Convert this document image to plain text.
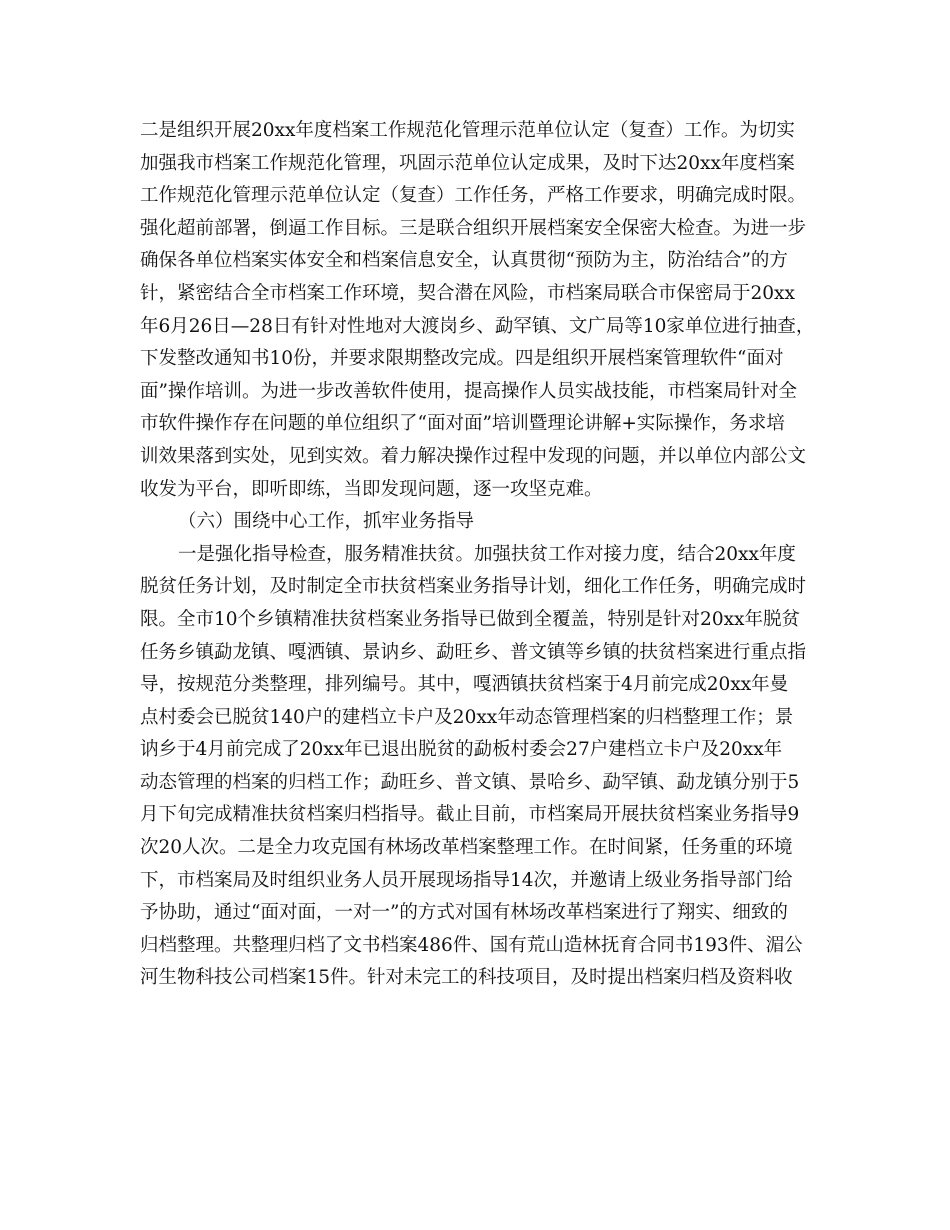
二是组织开展20xx年度档案工作规范化管理示范单位认定（复查）工作。为切实
加强我市档案工作规范化管理，巩固示范单位认定成果，及时下达20xx年度档案
工作规范化管理示范单位认定（复查）工作任务，严格工作要求，明确完成时限。
强化超前部署，倒逼工作目标。三是联合组织开展档案安全保密大检查。为进一步
确保各单位档案实体安全和档案信息安全，认真贯彻“预防为主，防治结合”的方
针，紧密结合全市档案工作环境，契合潜在风险，市档案局联合市保密局于20xx
年6月26日—28日有针对性地对大渡岗乡、勐罕镇、文广局等10家单位进行抽查，
下发整改通知书10份，并要求限期整改完成。四是组织开展档案管理软件“面对
面”操作培训。为进一步改善软件使用，提高操作人员实战技能，市档案局针对全
市软件操作存在问题的单位组织了“面对面”培训暨理论讲解+实际操作，务求培
训效果落到实处，见到实效。着力解决操作过程中发现的问题，并以单位内部公文
收发为平台，即听即练，当即发现问题，逐一攻坚克难。
（六）围绕中心工作，抓牢业务指导
一是强化指导检查，服务精准扶贫。加强扶贫工作对接力度，结合20xx年度
脱贫任务计划，及时制定全市扶贫档案业务指导计划，细化工作任务，明确完成时
限。全市10个乡镇精准扶贫档案业务指导已做到全覆盖，特别是针对20xx年脱贫
任务乡镇勐龙镇、嘎洒镇、景讷乡、勐旺乡、普文镇等乡镇的扶贫档案进行重点指
导，按规范分类整理，排列编号。其中，嘎洒镇扶贫档案于4月前完成20xx年曼
点村委会已脱贫140户的建档立卡户及20xx年动态管理档案的归档整理工作；景
讷乡于4月前完成了20xx年已退出脱贫的勐板村委会27户建档立卡户及20xx年
动态管理的档案的归档工作；勐旺乡、普文镇、景哈乡、勐罕镇、勐龙镇分别于5
月下旬完成精准扶贫档案归档指导。截止目前，市档案局开展扶贫档案业务指导9
次20人次。二是全力攻克国有林场改革档案整理工作。在时间紧，任务重的环境
下，市档案局及时组织业务人员开展现场指导14次，并邀请上级业务指导部门给
予协助，通过“面对面，一对一”的方式对国有林场改革档案进行了翔实、细致的
归档整理。共整理归档了文书档案486件、国有荒山造林抚育合同书193件、湄公
河生物科技公司档案15件。针对未完工的科技项目，及时提出档案归档及资料收
